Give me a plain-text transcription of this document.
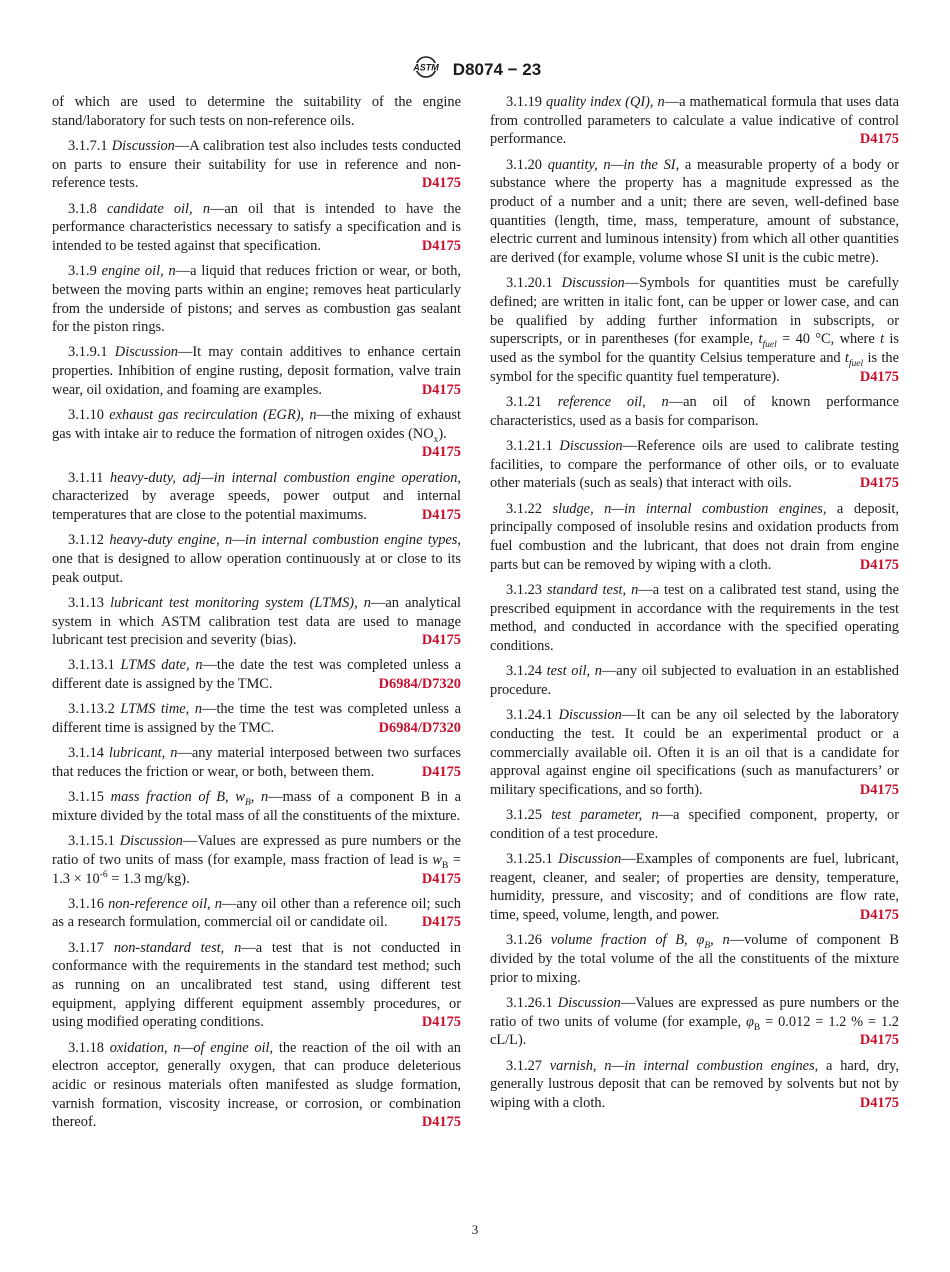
ASTM D8074 − 23

of which are used to determine the suitability of the engine stand/laboratory for such tests on non-reference oils.

3.1.7.1 Discussion—A calibration test also includes tests conducted on parts to ensure their suitability for use in reference and non-reference tests.	D4175

3.1.8 candidate oil, n—an oil that is intended to have the performance characteristics necessary to satisfy a specification and is intended to be tested against that specification.	D4175

3.1.9 engine oil, n—a liquid that reduces friction or wear, or both, between the moving parts within an engine; removes heat particularly from the underside of pistons; and serves as combustion gas sealant for the piston rings.

3.1.9.1 Discussion—It may contain additives to enhance certain properties. Inhibition of engine rusting, deposit formation, valve train wear, oil oxidation, and foaming are examples.	D4175

3.1.10 exhaust gas recirculation (EGR), n—the mixing of exhaust gas with intake air to reduce the formation of nitrogen oxides $(NO_x)$.
D4175

3.1.11 heavy-duty, adj—in internal combustion engine operation, characterized by average speeds, power output and internal temperatures that are close to the potential maximums.	D4175

3.1.12 heavy-duty engine, n—in internal combustion engine types, one that is designed to allow operation continuously at or close to its peak output.

3.1.13 lubricant test monitoring system (LTMS), n—an analytical system in which ASTM calibration test data are used to manage lubricant test precision and severity (bias).	D4175

3.1.13.1 LTMS date, n—the date the test was completed unless a different date is assigned by the TMC.	D6984/D7320

3.1.13.2 LTMS time, n—the time the test was completed unless a different time is assigned by the TMC.	D6984/D7320

3.1.14 lubricant, n—any material interposed between two surfaces that reduces the friction or wear, or both, between them.	D4175

3.1.15 mass fraction of B, $w_B$, n—mass of a component B in a mixture divided by the total mass of all the constituents of the mixture.

3.1.15.1 Discussion—Values are expressed as pure numbers or the ratio of two units of mass (for example, mass fraction of lead is $w_B = 1.3 \times 10^{-6} = 1.3$ mg/kg).	D4175

3.1.16 non-reference oil, n—any oil other than a reference oil; such as a research formulation, commercial oil or candidate oil.	D4175

3.1.17 non-standard test, n—a test that is not conducted in conformance with the requirements in the standard test method; such as running on an uncalibrated test stand, using different test equipment, applying different equipment assembly procedures, or using modified operating conditions.	D4175

3.1.18 oxidation, n—of engine oil, the reaction of the oil with an electron acceptor, generally oxygen, that can produce deleterious acidic or resinous materials often manifested as sludge formation, varnish formation, viscosity increase, or corrosion, or combination thereof.	D4175

3.1.19 quality index (QI), n—a mathematical formula that uses data from controlled parameters to calculate a value indicative of control performance.	D4175

3.1.20 quantity, n—in the SI, a measurable property of a body or substance where the property has a magnitude expressed as the product of a number and a unit; there are seven, well-defined base quantities (length, time, mass, temperature, amount of substance, electric current and luminous intensity) from which all other quantities are derived (for example, volume whose SI unit is the cubic metre).

3.1.20.1 Discussion—Symbols for quantities must be carefully defined; are written in italic font, can be upper or lower case, and can be qualified by adding further information in subscripts, or superscripts, or in parentheses (for example, $t_{fuel} = 40$ °C, where t is used as the symbol for the quantity Celsius temperature and $t_{fuel}$ is the symbol for the specific quantity fuel temperature).	D4175

3.1.21 reference oil, n—an oil of known performance characteristics, used as a basis for comparison.

3.1.21.1 Discussion—Reference oils are used to calibrate testing facilities, to compare the performance of other oils, or to evaluate other materials (such as seals) that interact with oils.	D4175

3.1.22 sludge, n—in internal combustion engines, a deposit, principally composed of insoluble resins and oxidation products from fuel combustion and the lubricant, that does not drain from engine parts but can be removed by wiping with a cloth.	D4175

3.1.23 standard test, n—a test on a calibrated test stand, using the prescribed equipment in accordance with the requirements in the test method, and conducted in accordance with the specified operating conditions.

3.1.24 test oil, n—any oil subjected to evaluation in an established procedure.

3.1.24.1 Discussion—It can be any oil selected by the laboratory conducting the test. It could be an experimental product or a commercially available oil. Often it is an oil that is a candidate for approval against engine oil specifications (such as manufacturers’ or military specifications, and so forth).	D4175

3.1.25 test parameter, n—a specified component, property, or condition of a test procedure.

3.1.25.1 Discussion—Examples of components are fuel, lubricant, reagent, cleaner, and sealer; of properties are density, temperature, humidity, pressure, and viscosity; and of conditions are flow rate, time, speed, volume, length, and power.	D4175

3.1.26 volume fraction of B, $\varphi_B$, n—volume of component B divided by the total volume of the all the constituents of the mixture prior to mixing.

3.1.26.1 Discussion—Values are expressed as pure numbers or the ratio of two units of volume (for example, $\varphi_B = 0.012 = 1.2$ % = 1.2 cL/L).	D4175

3.1.27 varnish, n—in internal combustion engines, a hard, dry, generally lustrous deposit that can be removed by solvents but not by wiping with a cloth.	D4175

3
